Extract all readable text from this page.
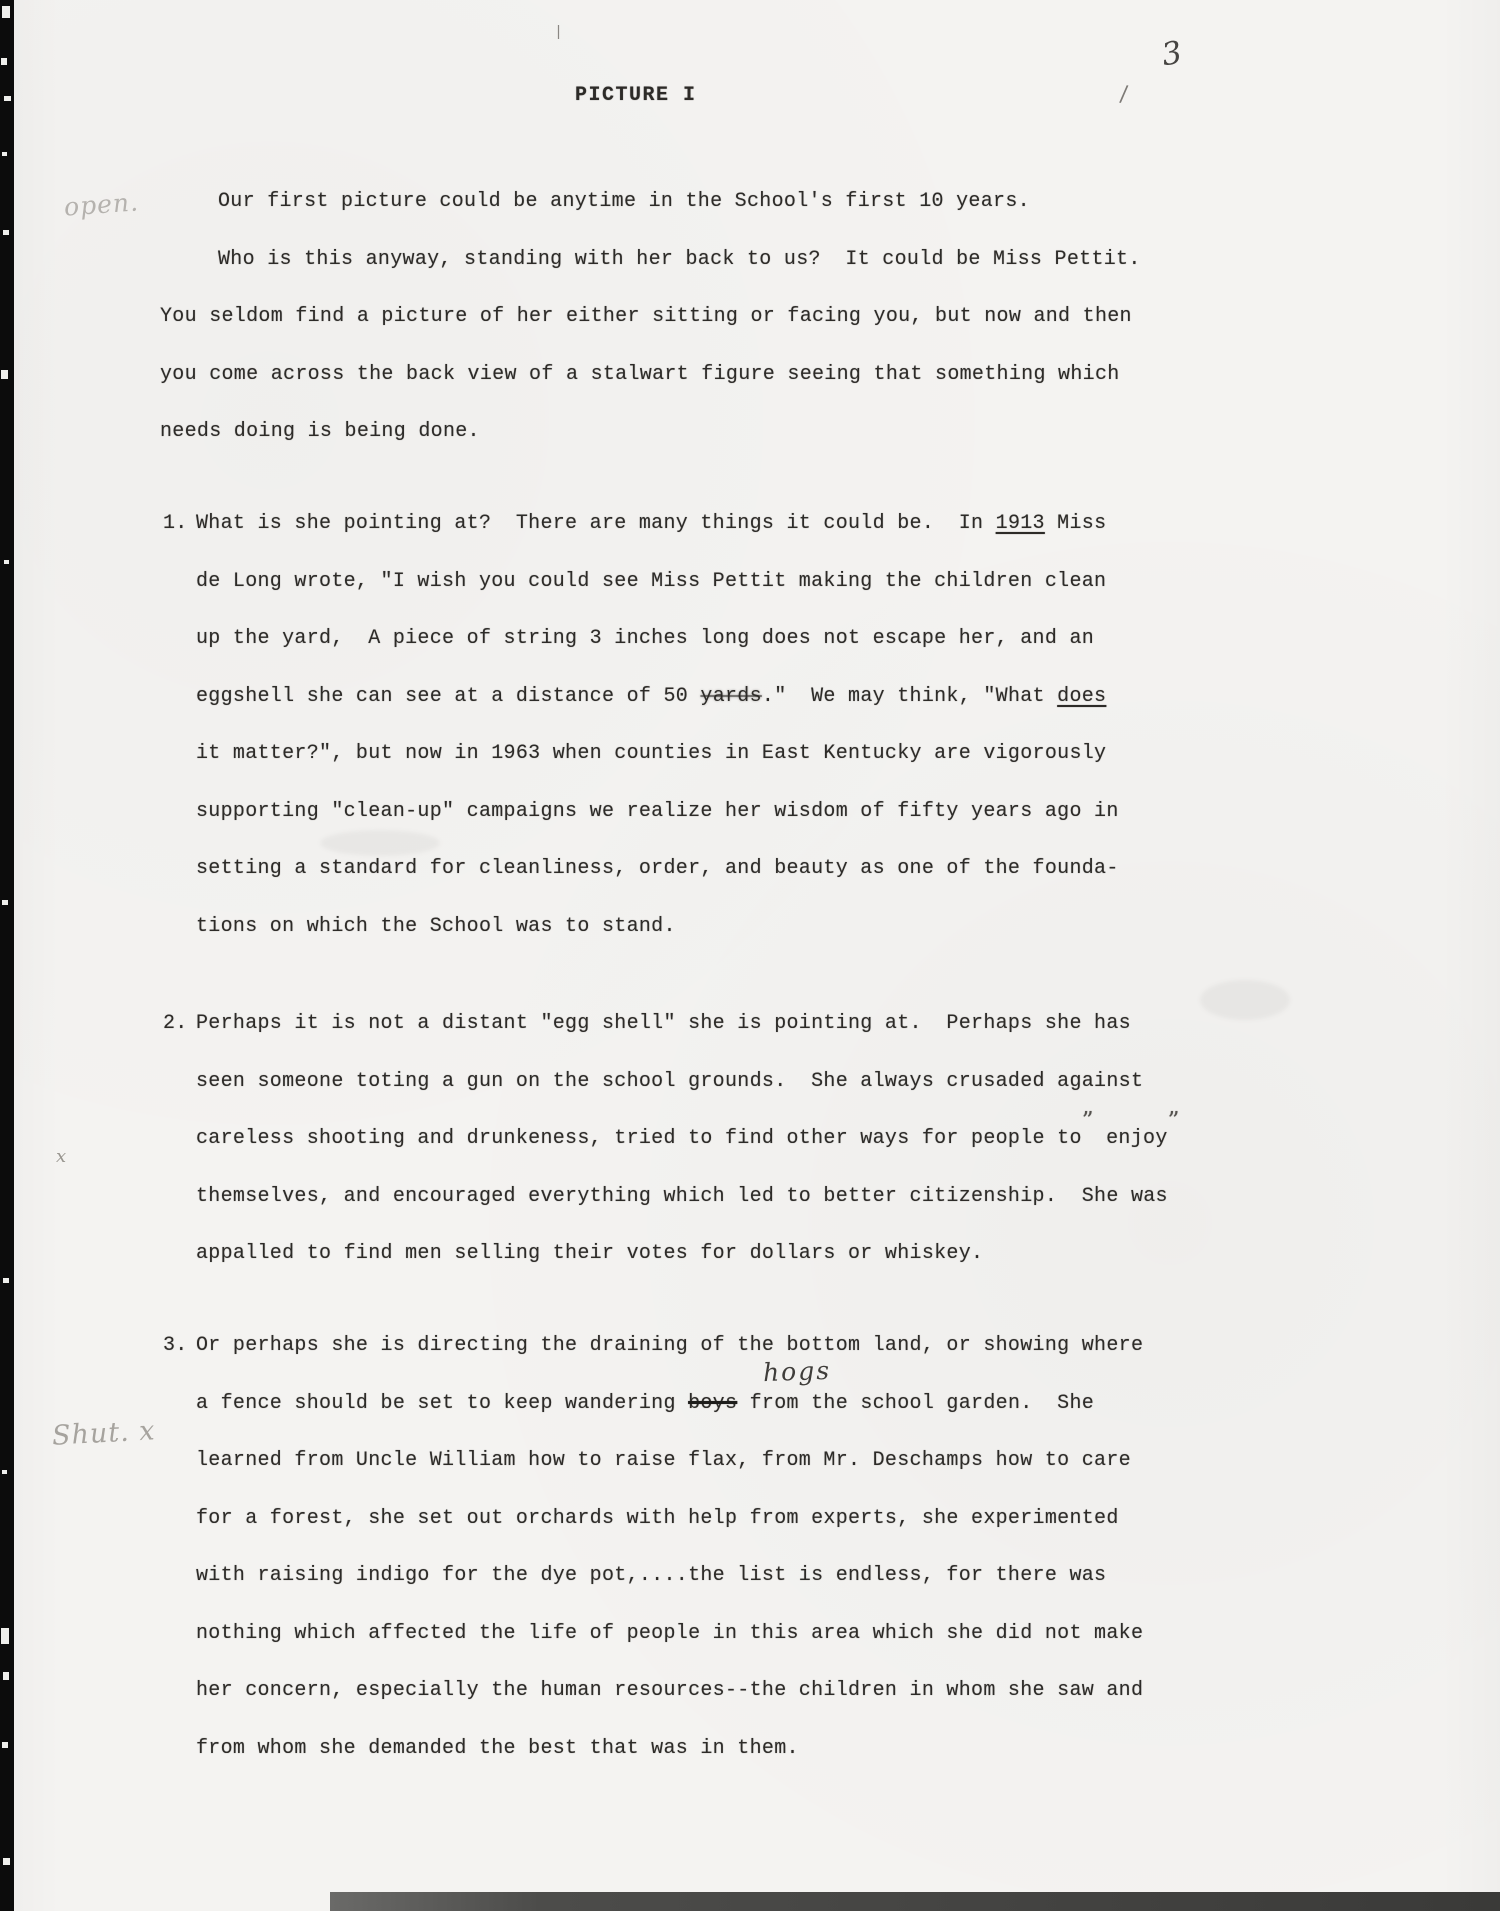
3
|
/
open.
Shut. x
x
hogs
PICTURE I
Our first picture could be anytime in the School's first 10 years.
Who is this anyway, standing with her back to us?  It could be Miss Pettit.
You seldom find a picture of her either sitting or facing you, but now and then
you come across the back view of a stalwart figure seeing that something which
needs doing is being done.
1. What is she pointing at?  There are many things it could be.  In 1913 Miss
de Long wrote, "I wish you could see Miss Pettit making the children clean
up the yard,  A piece of string 3 inches long does not escape her, and an
eggshell she can see at a distance of 50 yards."  We may think, "What does
it matter?", but now in 1963 when counties in East Kentucky are vigorously
supporting "clean-up" campaigns we realize her wisdom of fifty years ago in
setting a standard for cleanliness, order, and beauty as one of the founda-
tions on which the School was to stand.
2. Perhaps it is not a distant "egg shell" she is pointing at.  Perhaps she has
seen someone toting a gun on the school grounds.  She always crusaded against
careless shooting and drunkeness, tried to find other ways for people to” enjoy”
themselves, and encouraged everything which led to better citizenship.  She was
appalled to find men selling their votes for dollars or whiskey.
3. Or perhaps she is directing the draining of the bottom land, or showing where
a fence should be set to keep wandering boys from the school garden.  She
learned from Uncle William how to raise flax, from Mr. Deschamps how to care
for a forest, she set out orchards with help from experts, she experimented
with raising indigo for the dye pot,....the list is endless, for there was
nothing which affected the life of people in this area which she did not make
her concern, especially the human resources--the children in whom she saw and
from whom she demanded the best that was in them.
